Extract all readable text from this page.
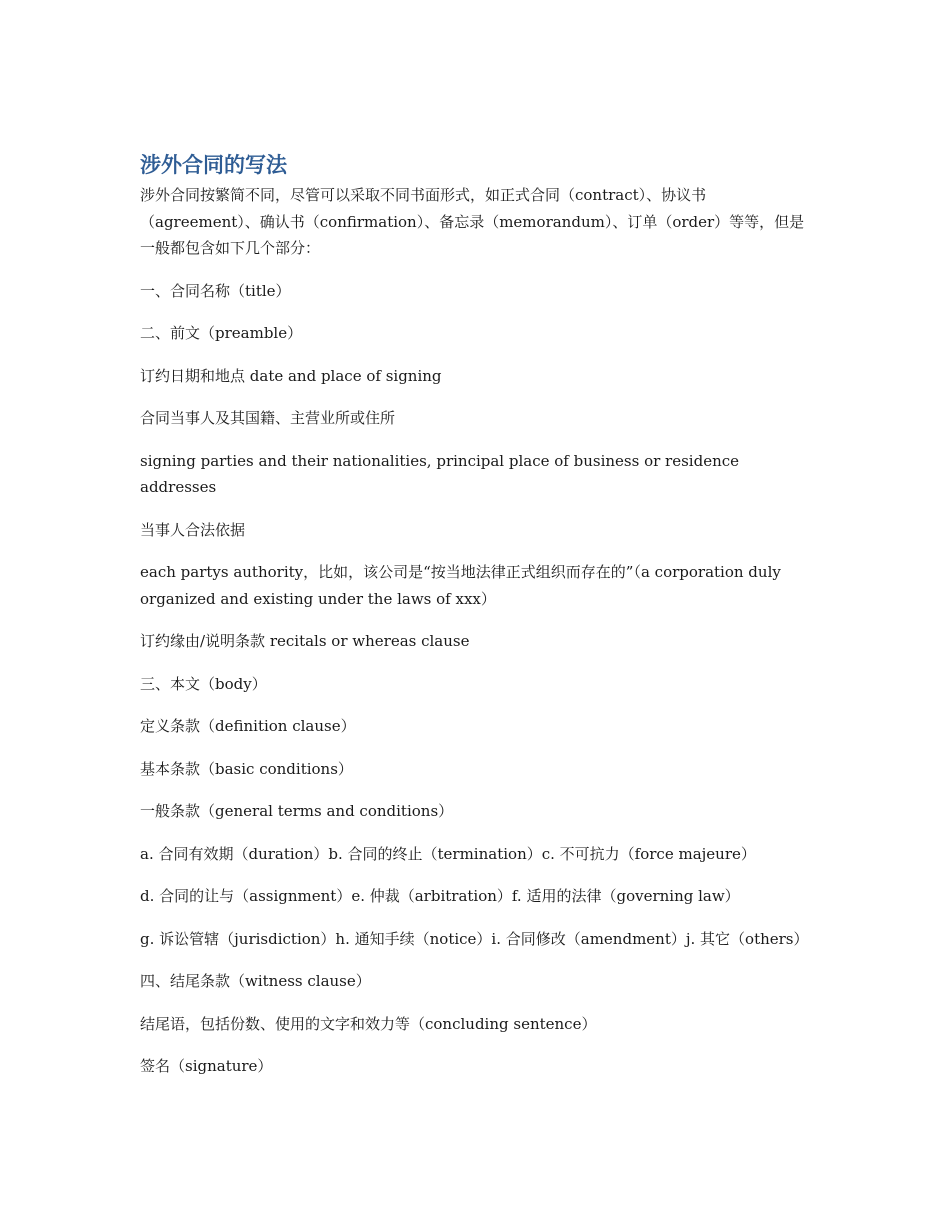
涉外合同的写法

涉外合同按繁简不同，尽管可以采取不同书面形式，如正式合同（contract）、协议书（agreement）、确认书（confirmation）、备忘录（memorandum）、订单（order）等等，但是一般都包含如下几个部分：

一、合同名称（title）

二、前文（preamble）

订约日期和地点 date and place of signing

合同当事人及其国籍、主营业所或住所

signing parties and their nationalities, principal place of business or residence addresses

当事人合法依据

each partys authority，比如，该公司是“按当地法律正式组织而存在的”（a corporation duly organized and existing under the laws of xxx）

订约缘由/说明条款 recitals or whereas clause

三、本文（body）

定义条款（definition clause）

基本条款（basic conditions）

一般条款（general terms and conditions）

a. 合同有效期（duration）b. 合同的终止（termination）c. 不可抗力（force majeure）

d. 合同的让与（assignment）e. 仲裁（arbitration）f. 适用的法律（governing law）

g. 诉讼管辖（jurisdiction）h. 通知手续（notice）i. 合同修改（amendment）j. 其它（others）

四、结尾条款（witness clause）

结尾语，包括份数、使用的文字和效力等（concluding sentence）

签名（signature）
